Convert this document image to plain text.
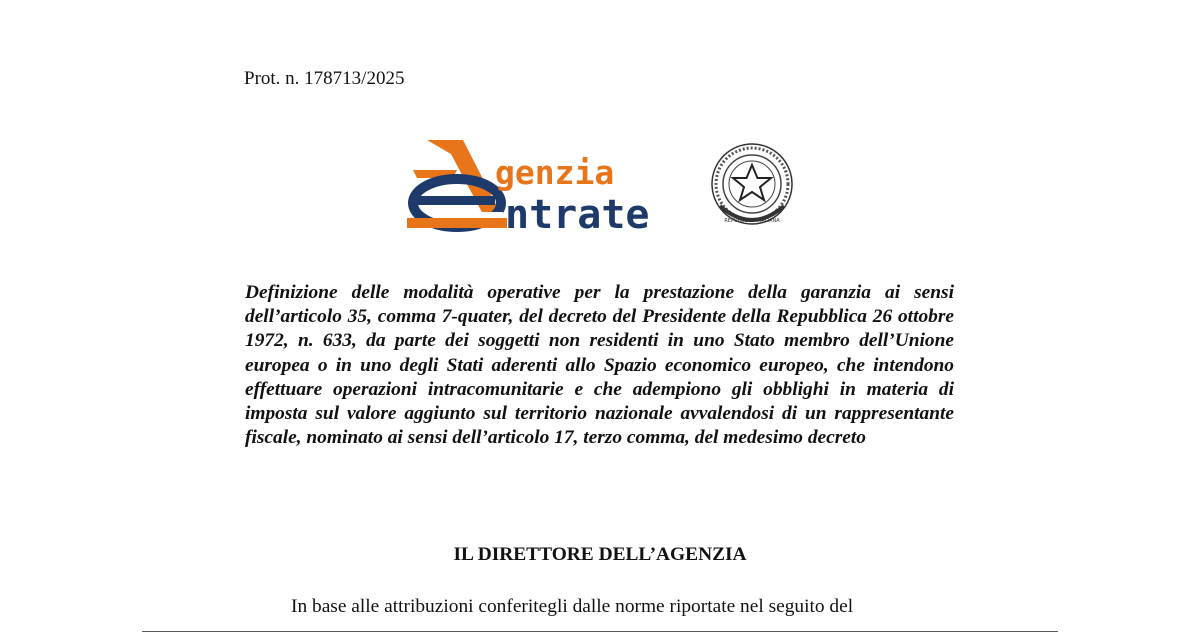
Prot. n. 178713/2025

genzia
ntrate	REPUBBLICA ITALIANA

Definizione delle modalità operative per la prestazione della garanzia ai sensi dell’articolo 35, comma 7-quater, del decreto del Presidente della Repubblica 26 ottobre 1972, n. 633, da parte dei soggetti non residenti in uno Stato membro dell’Unione europea o in uno degli Stati aderenti allo Spazio economico europeo, che intendono effettuare operazioni intracomunitarie e che adempiono gli obblighi in materia di imposta sul valore aggiunto sul territorio nazionale avvalendosi di un rappresentante fiscale, nominato ai sensi dell’articolo 17, terzo comma, del medesimo decreto

IL DIRETTORE DELL’AGENZIA

In base alle attribuzioni conferitegli dalle norme riportate nel seguito del
